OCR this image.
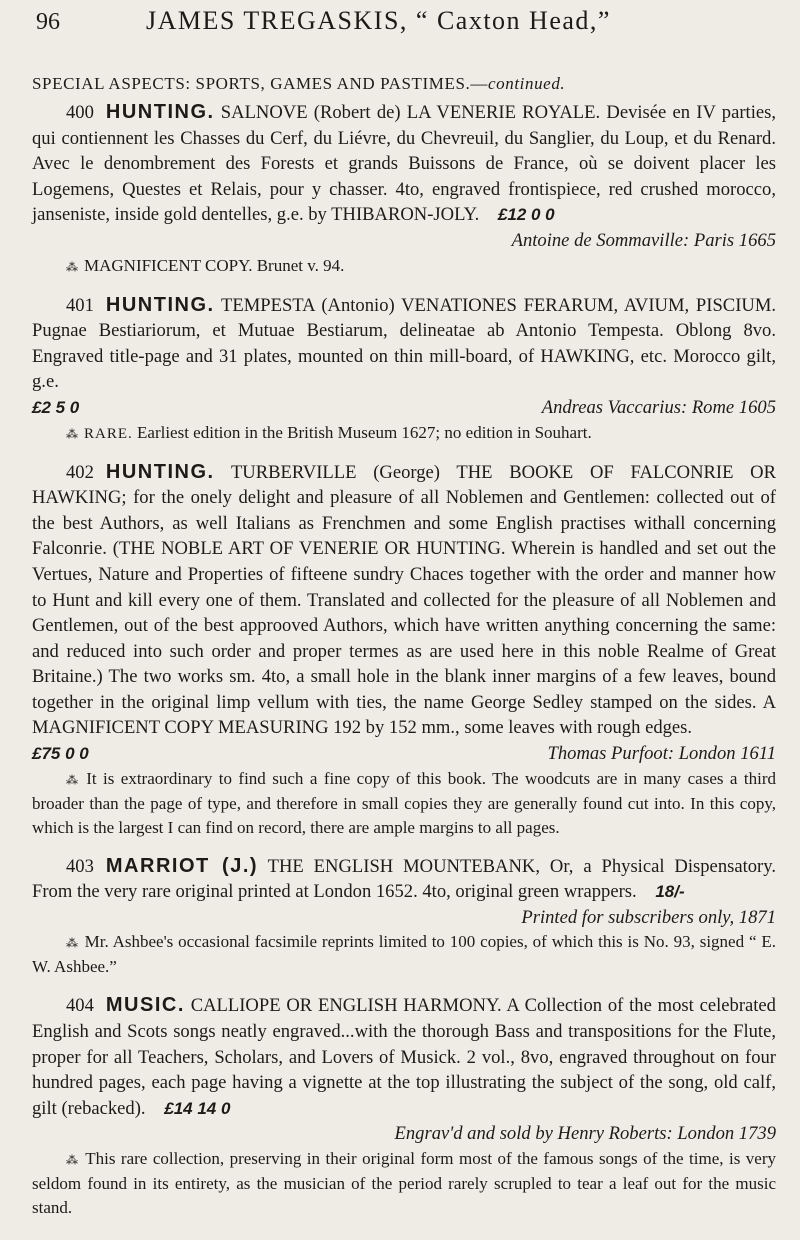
96	JAMES TREGASKIS, “ Caxton Head,”
SPECIAL ASPECTS: SPORTS, GAMES AND PASTIMES.—continued.

400 HUNTING. SALNOVE (Robert de) LA VENERIE ROYALE. Devisée en IV parties, qui contiennent les Chasses du Cerf, du Liévre, du Chevreuil, du Sanglier, du Loup, et du Renard. Avec le denombrement des Forests et grands Buissons de France, où se doivent placer les Logemens, Questes et Relais, pour y chasser. 4to, engraved frontispiece, red crushed morocco, janseniste, inside gold dentelles, g.e. by THIBARON-JOLY. £12 0 0

Antoine de Sommaville: Paris 1665

⁂ MAGNIFICENT COPY. Brunet v. 94.

401 HUNTING. TEMPESTA (Antonio) VENATIONES FERARUM, AVIUM, PISCIUM. Pugnae Bestiariorum, et Mutuae Bestiarum, delineatae ab Antonio Tempesta. Oblong 8vo. Engraved title-page and 31 plates, mounted on thin mill-board, of HAWKING, etc. Morocco gilt, g.e.

£2 5 0	Andreas Vaccarius: Rome 1605

⁂ RARE. Earliest edition in the British Museum 1627; no edition in Souhart.

402 HUNTING. TURBERVILLE (George) THE BOOKE OF FALCONRIE OR HAWKING; for the onely delight and pleasure of all Noblemen and Gentlemen: collected out of the best Authors, as well Italians as Frenchmen and some English practises withall concerning Falconrie. (THE NOBLE ART OF VENERIE OR HUNTING. Wherein is handled and set out the Vertues, Nature and Properties of fifteene sundry Chaces together with the order and manner how to Hunt and kill every one of them. Translated and collected for the pleasure of all Noblemen and Gentlemen, out of the best approoved Authors, which have written anything concerning the same: and reduced into such order and proper termes as are used here in this noble Realme of Great Britaine.) The two works sm. 4to, a small hole in the blank inner margins of a few leaves, bound together in the original limp vellum with ties, the name George Sedley stamped on the sides. A MAGNIFICENT COPY MEASURING 192 by 152 mm., some leaves with rough edges.

£75 0 0	Thomas Purfoot: London 1611

⁂ It is extraordinary to find such a fine copy of this book. The woodcuts are in many cases a third broader than the page of type, and therefore in small copies they are generally found cut into. In this copy, which is the largest I can find on record, there are ample margins to all pages.

403 MARRIOT (J.) THE ENGLISH MOUNTEBANK, Or, a Physical Dispensatory. From the very rare original printed at London 1652. 4to, original green wrappers. 18/-
Printed for subscribers only, 1871

⁂ Mr. Ashbee's occasional facsimile reprints limited to 100 copies, of which this is No. 93, signed “ E. W. Ashbee.”

404 MUSIC. CALLIOPE OR ENGLISH HARMONY. A Collection of the most celebrated English and Scots songs neatly engraved...with the thorough Bass and transpositions for the Flute, proper for all Teachers, Scholars, and Lovers of Musick. 2 vol., 8vo, engraved throughout on four hundred pages, each page having a vignette at the top illustrating the subject of the song, old calf, gilt (rebacked). £14 14 0

Engrav'd and sold by Henry Roberts: London 1739

⁂ This rare collection, preserving in their original form most of the famous songs of the time, is very seldom found in its entirety, as the musician of the period rarely scrupled to tear a leaf out for the music stand.
